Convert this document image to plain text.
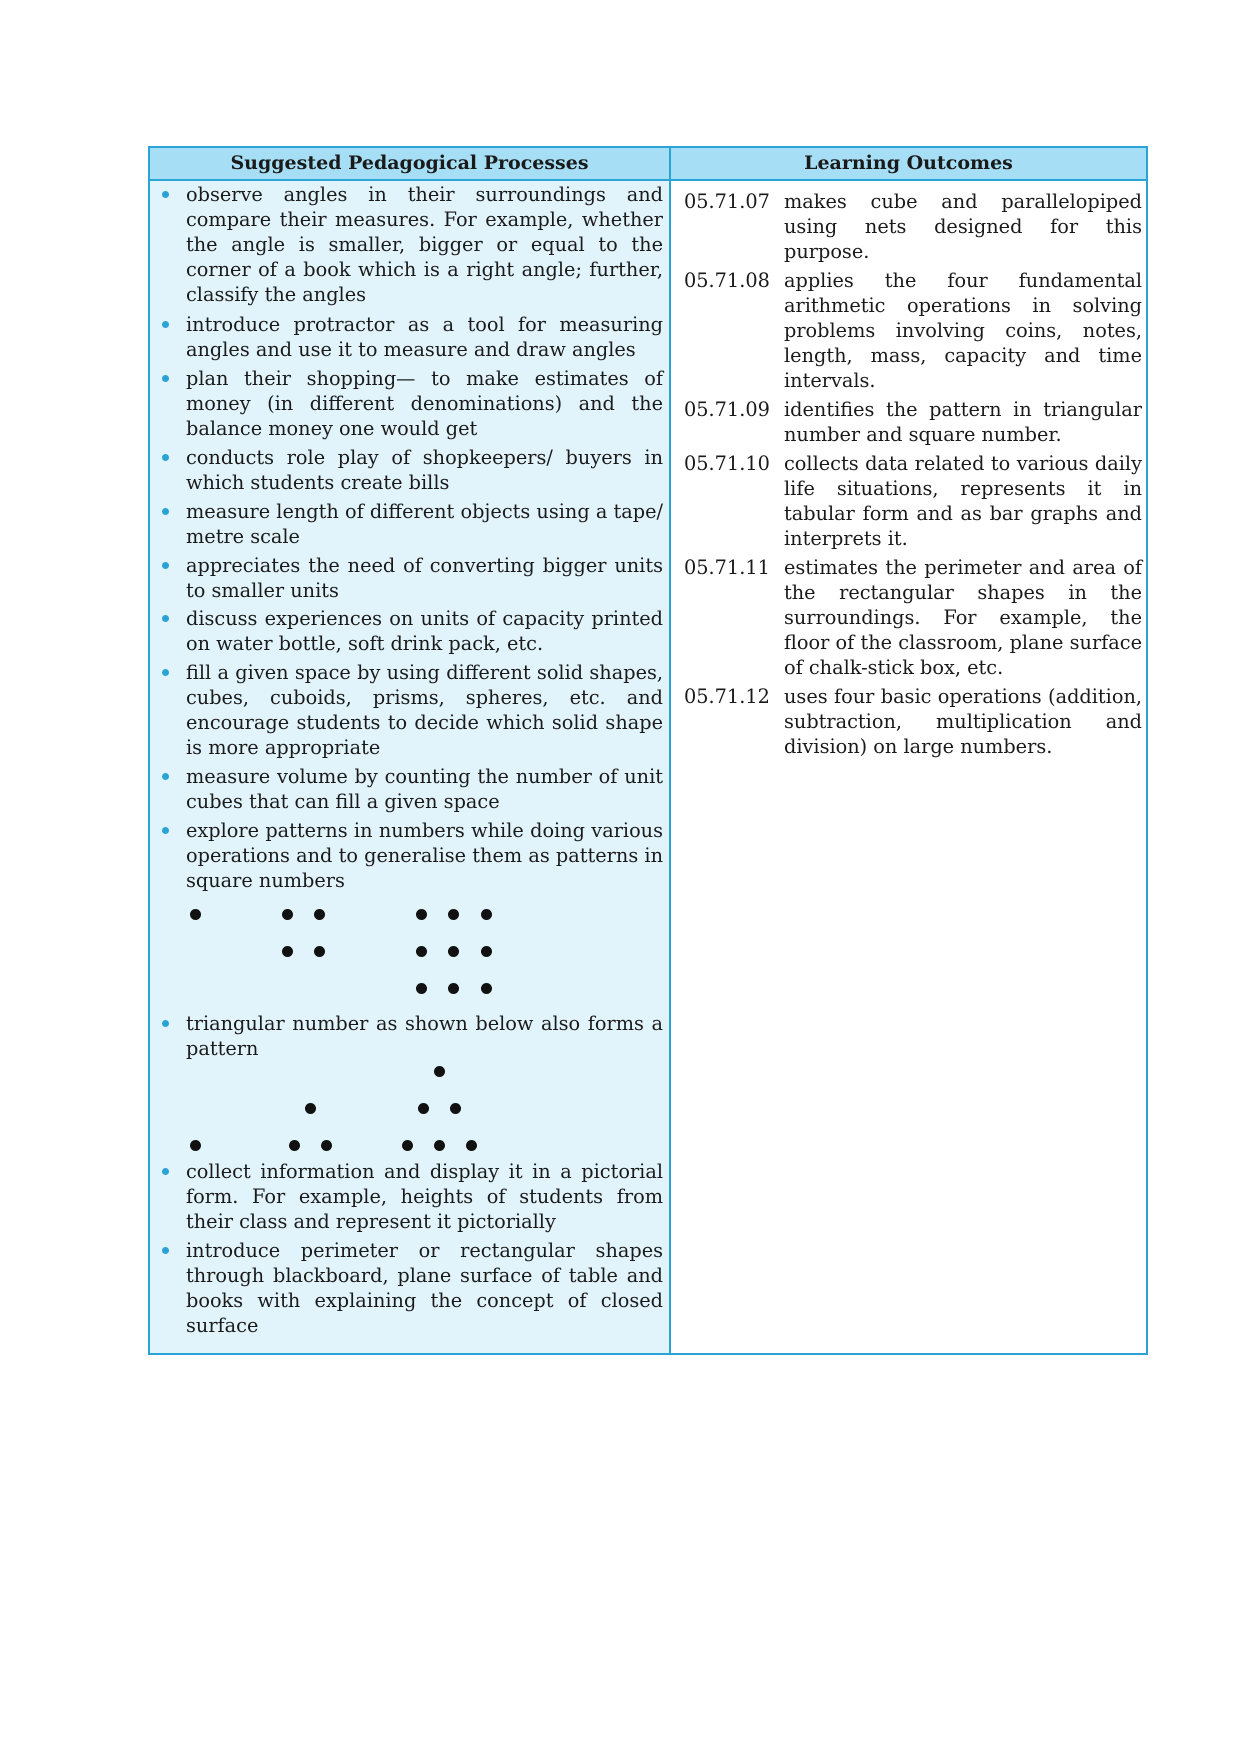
Suggested Pedagogical Processes	Learning Outcomes
observe angles in their surroundings and compare their measures. For example, whether the angle is smaller, bigger or equal to the corner of a book which is a right angle; further, classify the angles
introduce protractor as a tool for measuring angles and use it to measure and draw angles
plan their shopping— to make estimates of money (in different denominations) and the balance money one would get
conducts role play of shopkeepers/ buyers in which students create bills
measure length of different objects using a tape/ metre scale
appreciates the need of converting bigger units to smaller units
discuss experiences on units of capacity printed on water bottle, soft drink pack, etc.
fill a given space by using different solid shapes, cubes, cuboids, prisms, spheres, etc. and encourage students to decide which solid shape is more appropriate
measure volume by counting the number of unit cubes that can fill a given space
explore patterns in numbers while doing various operations and to generalise them as patterns in square numbers
triangular number as shown below also forms a pattern
collect information and display it in a pictorial form. For example, heights of students from their class and represent it pictorially
introduce perimeter or rectangular shapes through blackboard, plane surface of table and books with explaining the concept of closed surface
05.71.07 makes cube and parallelopiped using nets designed for this purpose.
05.71.08 applies the four fundamental arithmetic operations in solving problems involving coins, notes, length, mass, capacity and time intervals.
05.71.09 identifies the pattern in triangular number and square number.
05.71.10 collects data related to various daily life situations, represents it in tabular form and as bar graphs and interprets it.
05.71.11 estimates the perimeter and area of the rectangular shapes in the surroundings. For example, the floor of the classroom, plane surface of chalk-stick box, etc.
05.71.12 uses four basic operations (addition, subtraction, multiplication and division) on large numbers.
